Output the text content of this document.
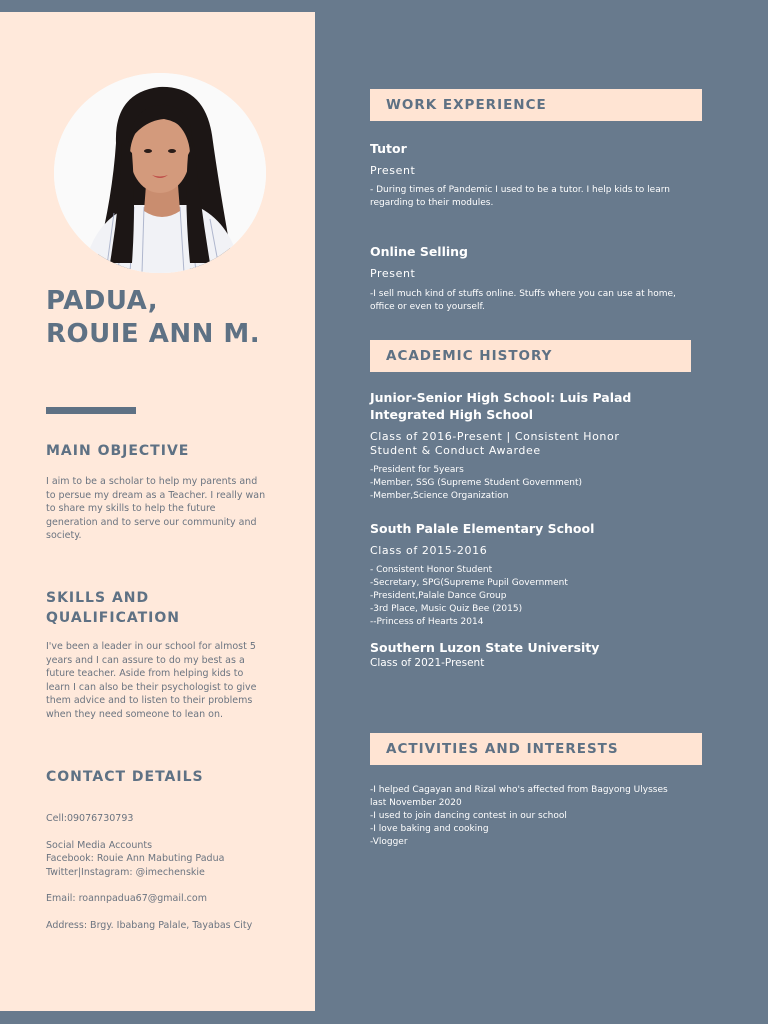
PADUA,
ROUIE ANN M.
MAIN OBJECTIVE
I aim to be a scholar to help my parents and to persue my dream as a Teacher. I really wan to share my skills to help the future generation and to serve our community and society.
SKILLS AND
QUALIFICATION
I've been a leader in our school for almost 5 years and I can assure to do my best as a future teacher. Aside from helping kids to learn I can also be their psychologist to give them advice and to listen to their problems when they need someone to lean on.
CONTACT DETAILS
Cell:09076730793
Social Media Accounts
Facebook: Rouie Ann Mabuting Padua
Twitter|Instagram: @imechenskie
Email: roannpadua67@gmail.com
Address: Brgy. Ibabang Palale, Tayabas City
WORK EXPERIENCE
Tutor
Present
- During times of Pandemic I used to be a tutor. I help kids to learn regarding to their modules.
Online Selling
Present
-I sell much kind of stuffs online. Stuffs where you can use at home, office or even to yourself.
ACADEMIC HISTORY
Junior-Senior High School: Luis Palad Integrated High School
Class of 2016-Present | Consistent Honor Student & Conduct Awardee
-President for 5years
-Member, SSG (Supreme Student Government)
-Member,Science Organization
South Palale Elementary School
Class of 2015-2016
- Consistent Honor Student
-Secretary, SPG(Supreme Pupil Government
-President,Palale Dance Group
-3rd Place, Music Quiz Bee (2015)
--Princess of Hearts 2014
Southern Luzon State University
Class of 2021-Present
ACTIVITIES AND INTERESTS
-I helped Cagayan and Rizal who's affected from Bagyong Ulysses last November 2020
-I used to join dancing contest in our school
-I love baking and cooking
-Vlogger
